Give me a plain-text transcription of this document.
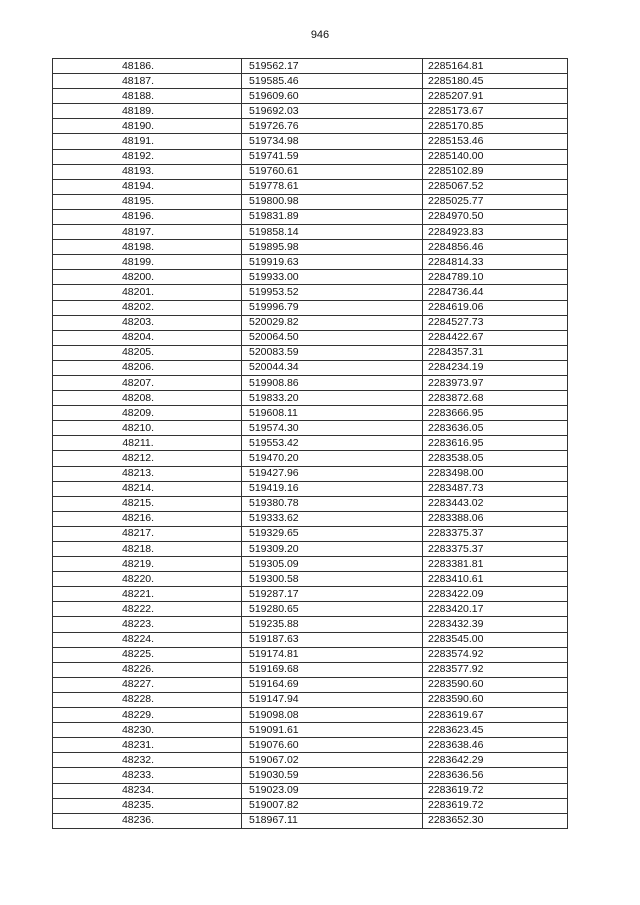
946
48186.	519562.17	2285164.81
48187.	519585.46	2285180.45
48188.	519609.60	2285207.91
48189.	519692.03	2285173.67
48190.	519726.76	2285170.85
48191.	519734.98	2285153.46
48192.	519741.59	2285140.00
48193.	519760.61	2285102.89
48194.	519778.61	2285067.52
48195.	519800.98	2285025.77
48196.	519831.89	2284970.50
48197.	519858.14	2284923.83
48198.	519895.98	2284856.46
48199.	519919.63	2284814.33
48200.	519933.00	2284789.10
48201.	519953.52	2284736.44
48202.	519996.79	2284619.06
48203.	520029.82	2284527.73
48204.	520064.50	2284422.67
48205.	520083.59	2284357.31
48206.	520044.34	2284234.19
48207.	519908.86	2283973.97
48208.	519833.20	2283872.68
48209.	519608.11	2283666.95
48210.	519574.30	2283636.05
48211.	519553.42	2283616.95
48212.	519470.20	2283538.05
48213.	519427.96	2283498.00
48214.	519419.16	2283487.73
48215.	519380.78	2283443.02
48216.	519333.62	2283388.06
48217.	519329.65	2283375.37
48218.	519309.20	2283375.37
48219.	519305.09	2283381.81
48220.	519300.58	2283410.61
48221.	519287.17	2283422.09
48222.	519280.65	2283420.17
48223.	519235.88	2283432.39
48224.	519187.63	2283545.00
48225.	519174.81	2283574.92
48226.	519169.68	2283577.92
48227.	519164.69	2283590.60
48228.	519147.94	2283590.60
48229.	519098.08	2283619.67
48230.	519091.61	2283623.45
48231.	519076.60	2283638.46
48232.	519067.02	2283642.29
48233.	519030.59	2283636.56
48234.	519023.09	2283619.72
48235.	519007.82	2283619.72
48236.	518967.11	2283652.30
